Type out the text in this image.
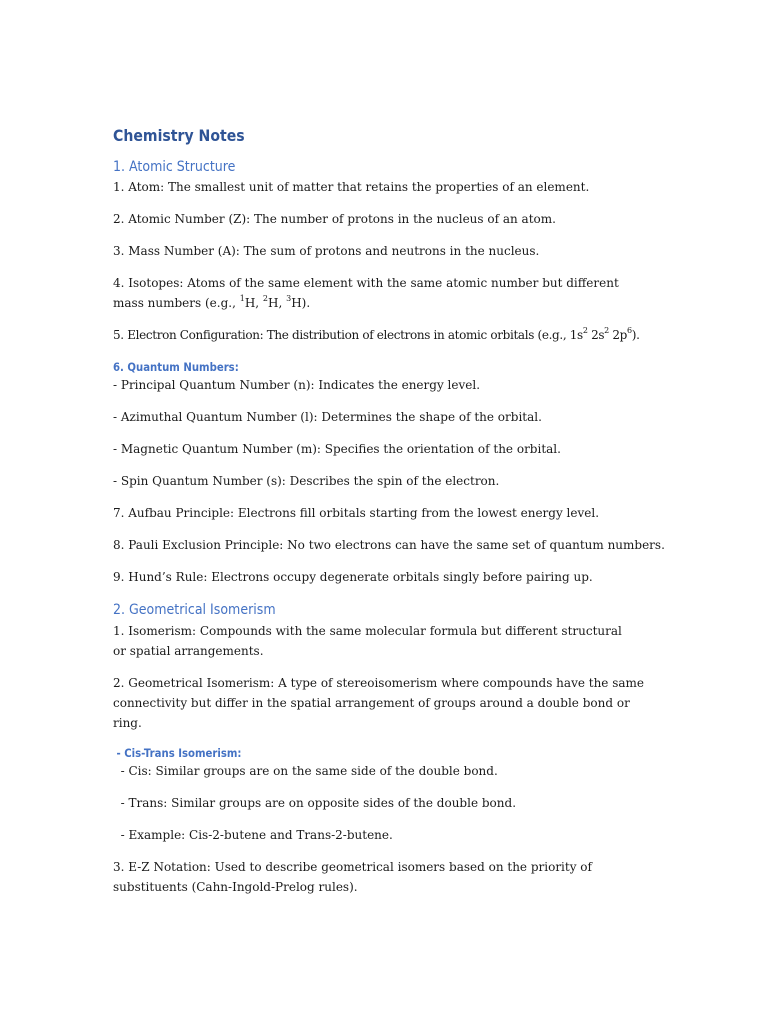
Chemistry Notes
1. Atomic Structure
1. Atom: The smallest unit of matter that retains the properties of an element.
2. Atomic Number (Z): The number of protons in the nucleus of an atom.
3. Mass Number (A): The sum of protons and neutrons in the nucleus.
4. Isotopes: Atoms of the same element with the same atomic number but different mass numbers (e.g., $^1$H, $^2$H, $^3$H).
5. Electron Configuration: The distribution of electrons in atomic orbitals (e.g., $1s^2$ $2s^2$ $2p^6$).
6. Quantum Numbers:
- Principal Quantum Number (n): Indicates the energy level.
- Azimuthal Quantum Number (l): Determines the shape of the orbital.
- Magnetic Quantum Number (m): Specifies the orientation of the orbital.
- Spin Quantum Number (s): Describes the spin of the electron.
7. Aufbau Principle: Electrons fill orbitals starting from the lowest energy level.
8. Pauli Exclusion Principle: No two electrons can have the same set of quantum numbers.
9. Hund’s Rule: Electrons occupy degenerate orbitals singly before pairing up.
2. Geometrical Isomerism
1. Isomerism: Compounds with the same molecular formula but different structural or spatial arrangements.
2. Geometrical Isomerism: A type of stereoisomerism where compounds have the same connectivity but differ in the spatial arrangement of groups around a double bond or ring.
- Cis-Trans Isomerism:
- Cis: Similar groups are on the same side of the double bond.
- Trans: Similar groups are on opposite sides of the double bond.
- Example: Cis-2-butene and Trans-2-butene.
3. E-Z Notation: Used to describe geometrical isomers based on the priority of substituents (Cahn-Ingold-Prelog rules).
